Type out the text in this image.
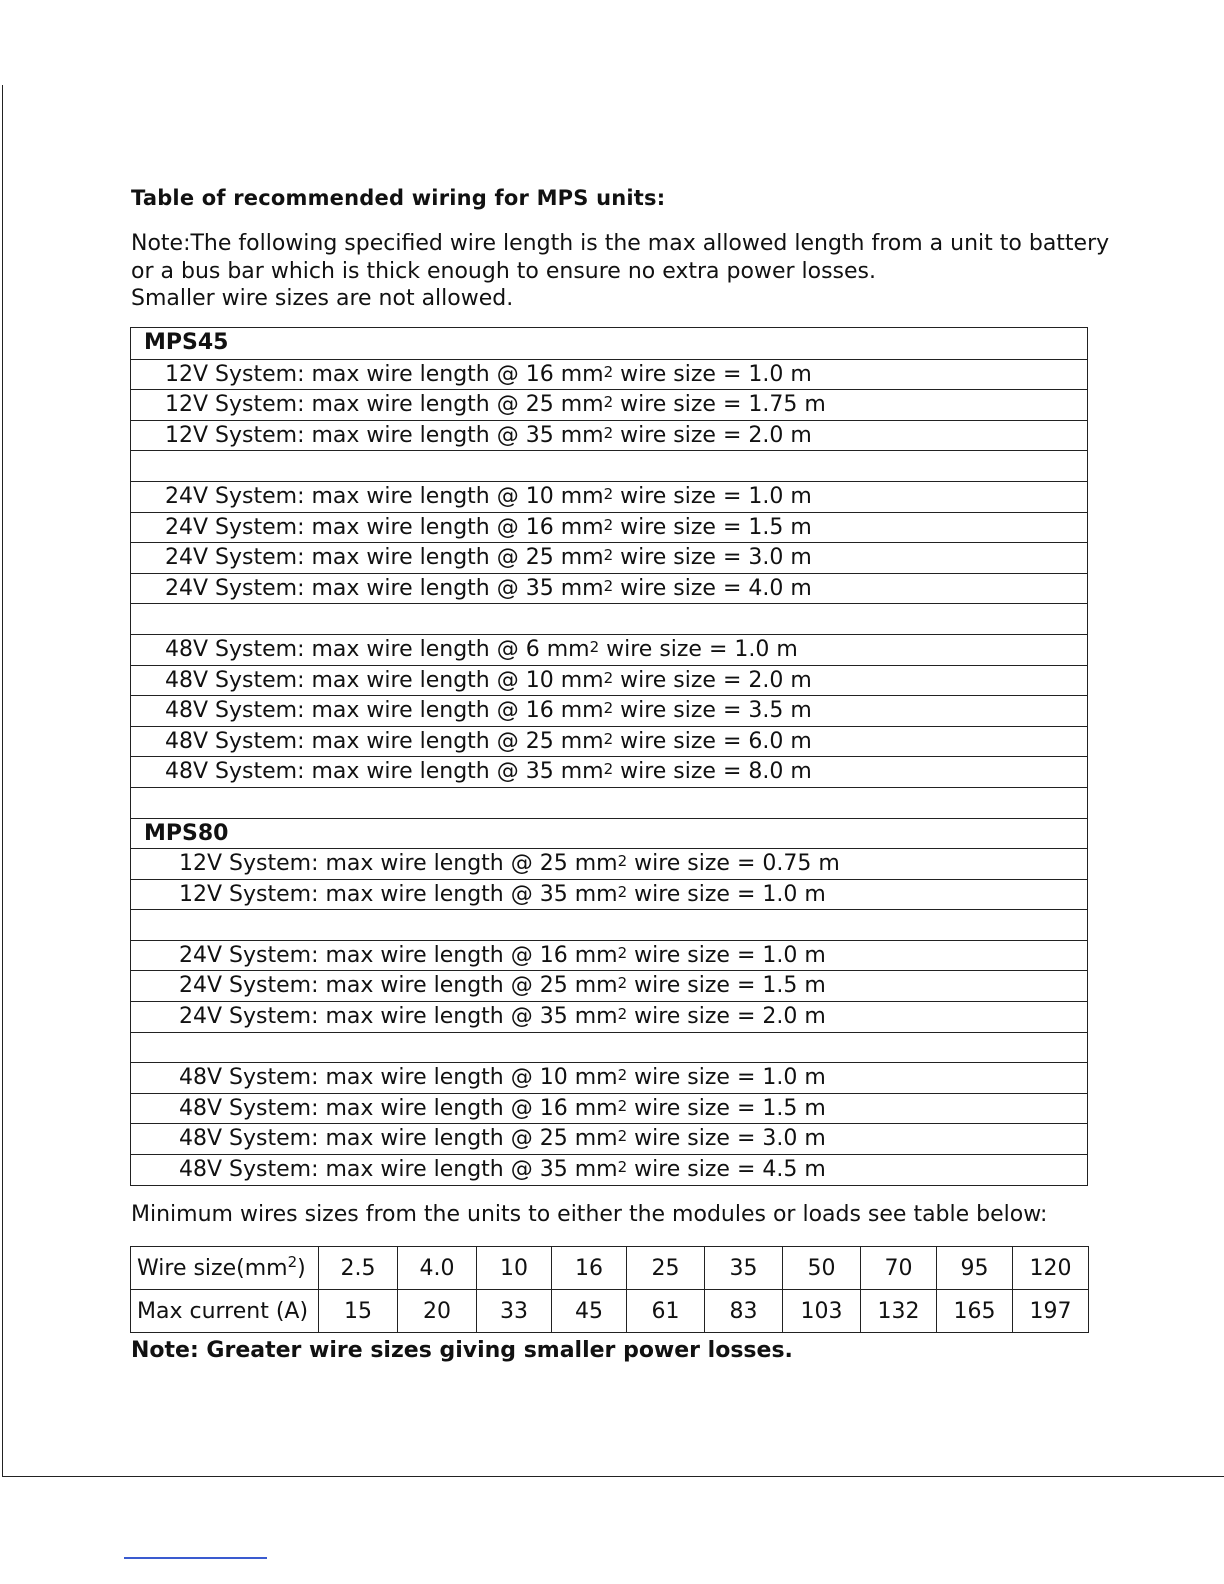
Table of recommended wiring for MPS units:
Note:The following specified wire length is the max allowed length from a unit to battery
or a bus bar which is thick enough to ensure no extra power losses.
Smaller wire sizes are not allowed.
MPS45
12V System: max wire length @ 16 $mm^2$ wire size = 1.0 m
12V System: max wire length @ 25 $mm^2$ wire size = 1.75 m
12V System: max wire length @ 35 $mm^2$ wire size = 2.0 m
24V System: max wire length @ 10 $mm^2$ wire size = 1.0 m
24V System: max wire length @ 16 $mm^2$ wire size = 1.5 m
24V System: max wire length @ 25 $mm^2$ wire size = 3.0 m
24V System: max wire length @ 35 $mm^2$ wire size = 4.0 m
48V System: max wire length @ 6 $mm^2$ wire size = 1.0 m
48V System: max wire length @ 10 $mm^2$ wire size = 2.0 m
48V System: max wire length @ 16 $mm^2$ wire size = 3.5 m
48V System: max wire length @ 25 $mm^2$ wire size = 6.0 m
48V System: max wire length @ 35 $mm^2$ wire size = 8.0 m
MPS80
12V System: max wire length @ 25 $mm^2$ wire size = 0.75 m
12V System: max wire length @ 35 $mm^2$ wire size = 1.0 m
24V System: max wire length @ 16 $mm^2$ wire size = 1.0 m
24V System: max wire length @ 25 $mm^2$ wire size = 1.5 m
24V System: max wire length @ 35 $mm^2$ wire size = 2.0 m
48V System: max wire length @ 10 $mm^2$ wire size = 1.0 m
48V System: max wire length @ 16 $mm^2$ wire size = 1.5 m
48V System: max wire length @ 25 $mm^2$ wire size = 3.0 m
48V System: max wire length @ 35 $mm^2$ wire size = 4.5 m
Minimum wires sizes from the units to either the modules or loads see table below:
Wire $size(mm^2)$	2.5	4.0	10	16	25	35	50	70	95	120
Max current (A)	15	20	33	45	61	83	103	132	165	197
Note: Greater wire sizes giving smaller power losses.
